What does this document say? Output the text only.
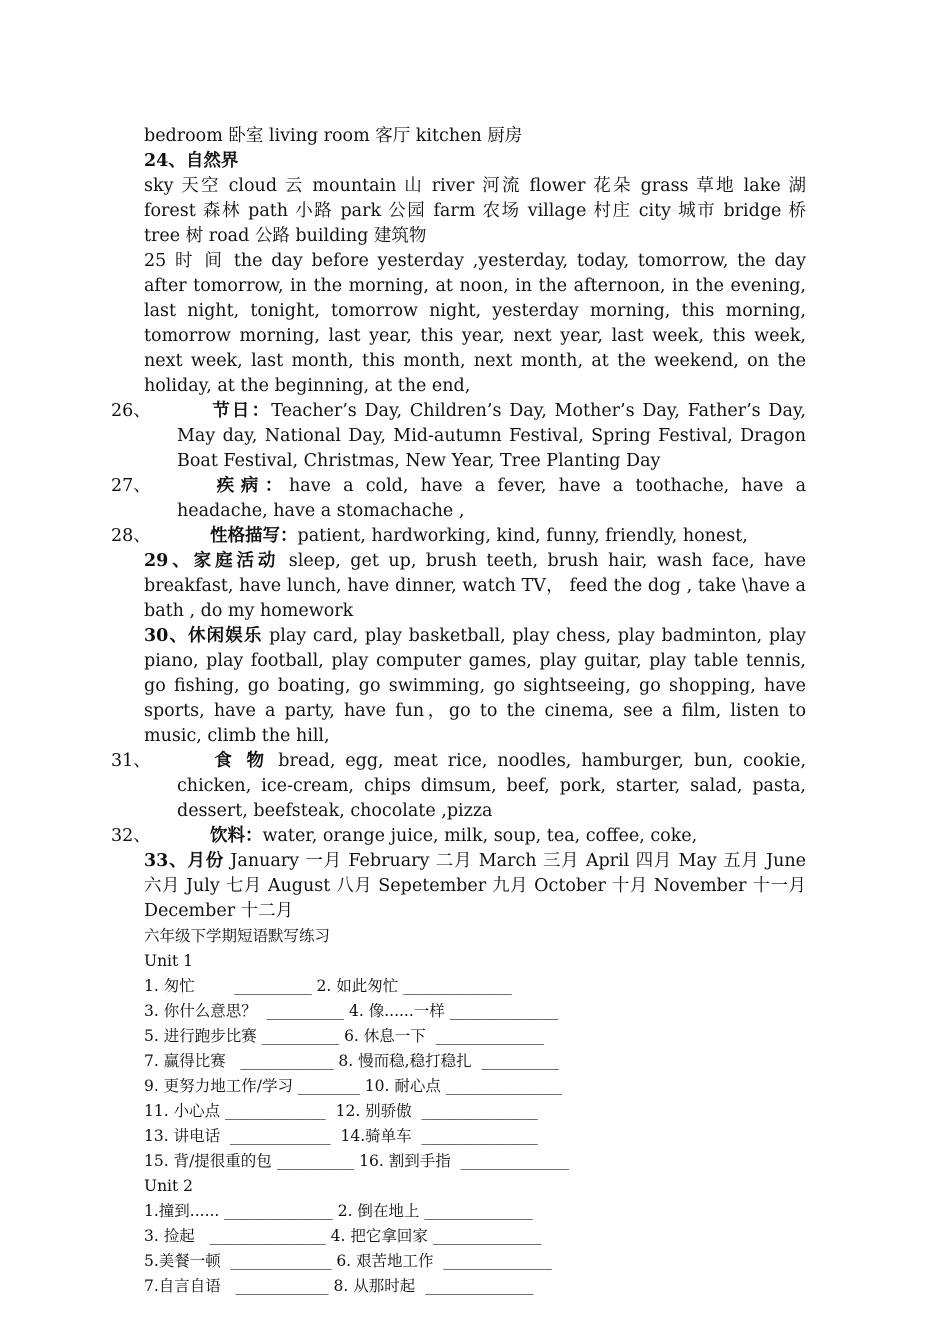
bedroom 卧室 living room 客厅 kitchen 厨房

24、自然界

sky 天空 cloud 云 mountain 山 river 河流 flower 花朵 grass 草地 lake 湖 forest 森林 path 小路 park 公园 farm 农场 village 村庄 city 城市 bridge 桥 tree 树 road 公路 building 建筑物

25 时 间 the day before yesterday ,yesterday, today, tomorrow, the day after tomorrow, in the morning, at noon, in the afternoon, in the evening, last night, tonight, tomorrow night, yesterday morning, this morning, tomorrow morning, last year, this year, next year, last week, this week, next week, last month, this month, next month, at the weekend, on the holiday, at the beginning, at the end,

26、	节日：Teacher’s Day, Children’s Day, Mother’s Day, Father’s Day, May day, National Day, Mid-autumn Festival, Spring Festival, Dragon Boat Festival, Christmas, New Year, Tree Planting Day

27、	疾病：have a cold, have a fever, have a toothache, have a headache, have a stomachache ,

28、	性格描写：patient, hardworking, kind, funny, friendly, honest,

29、家庭活动 sleep, get up, brush teeth, brush hair, wash face, have breakfast, have lunch, have dinner, watch TV， feed the dog , take \have a bath , do my homework

30、休闲娱乐 play card, play basketball, play chess, play badminton, play piano, play football, play computer games, play guitar, play table tennis, go fishing, go boating, go swimming, go sightseeing, go shopping, have sports, have a party, have fun，go to the cinema, see a film, listen to music, climb the hill,

31、	食 物 bread, egg, meat rice, noodles, hamburger, bun, cookie, chicken, ice-cream, chips dimsum, beef, pork, starter, salad, pasta, dessert, beefsteak, chocolate ,pizza

32、	饮料：water, orange juice, milk, soup, tea, coffee, coke,

33、月份 January 一月 February 二月 March 三月 April 四月 May 五月 June 六月 July 七月 August 八月 Sepetember 九月 October 十月 November 十一月 December 十二月

六年级下学期短语默写练习

Unit 1

1. 匆忙        __________ 2. 如此匆忙 ______________

3. 你什么意思？  __________ 4. 像......一样 ______________

5. 进行跑步比赛 __________ 6. 休息一下  ______________

7. 赢得比赛   ____________ 8. 慢而稳,稳打稳扎  __________

9. 更努力地工作/学习 ________ 10. 耐心点 _______________

11. 小心点 _____________  12. 别骄傲  _______________

13. 讲电话  _____________  14.骑单车  _______________

15. 背/提很重的包 __________ 16. 割到手指  ______________

Unit 2

1.撞到...... ______________ 2. 倒在地上 ______________

3. 捡起   _______________ 4. 把它拿回家 ______________

5.美餐一顿  _____________ 6. 艰苦地工作  ______________

7.自言自语   ____________ 8. 从那时起  ______________
